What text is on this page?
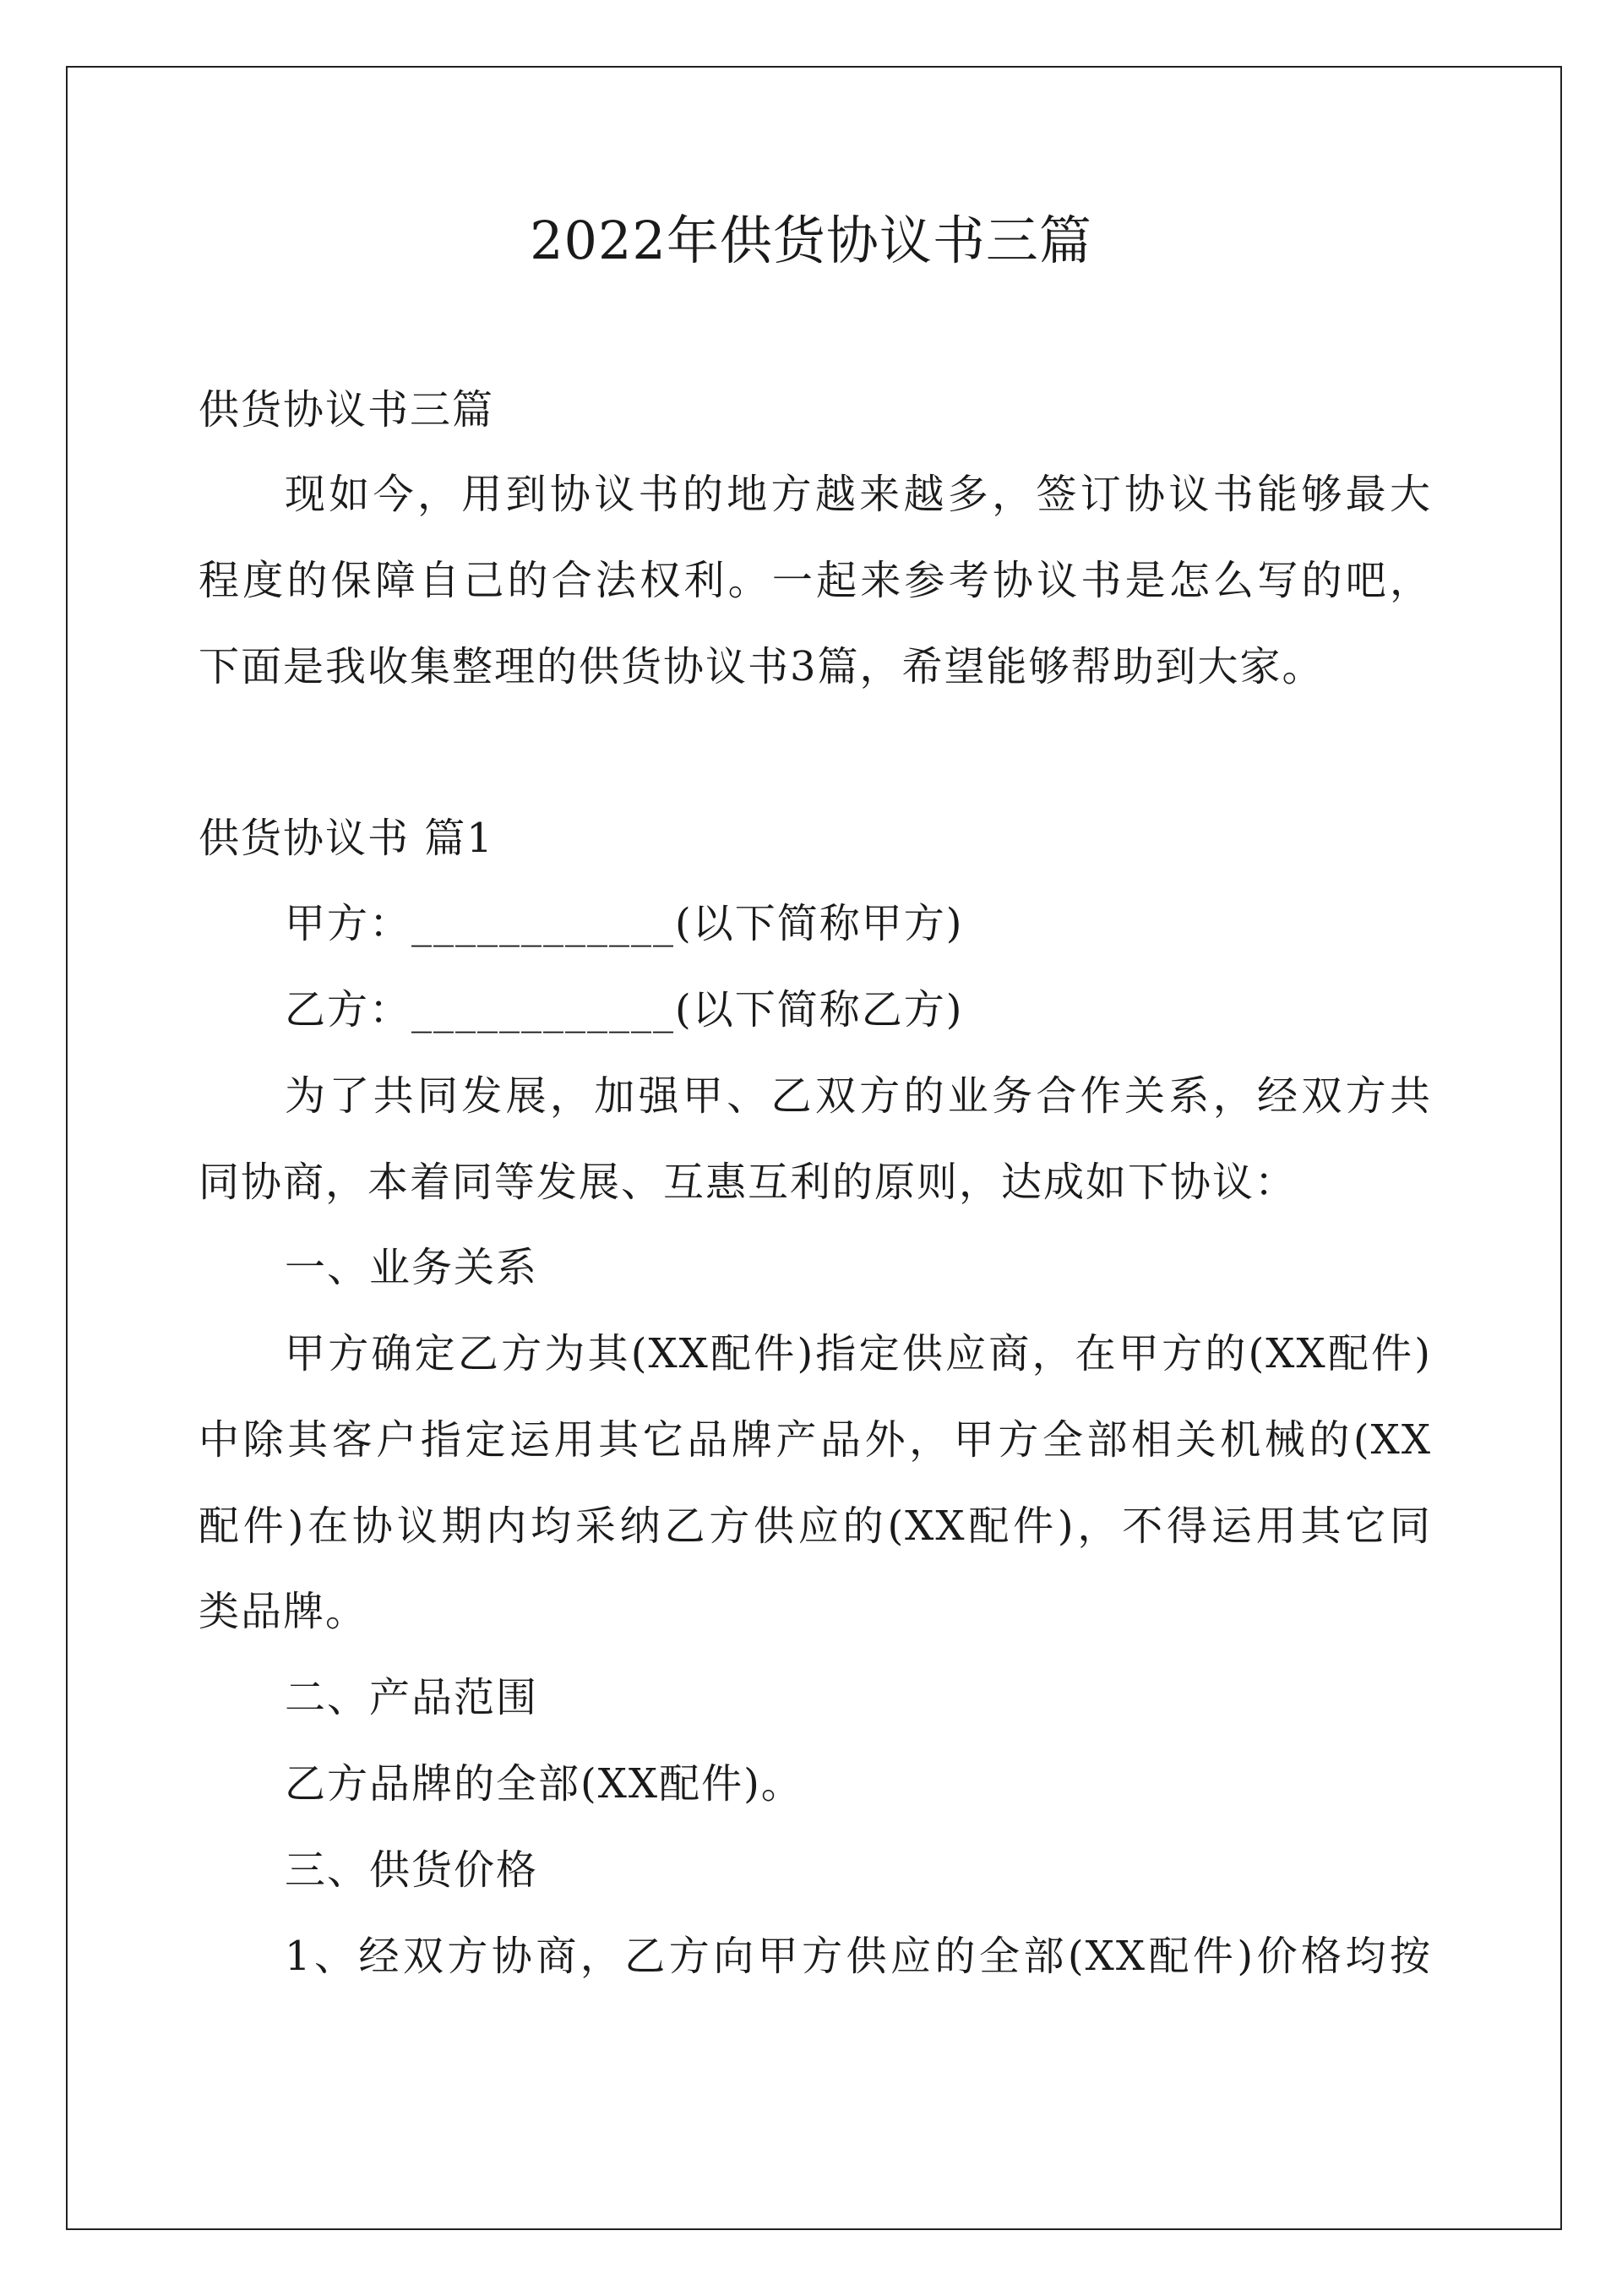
2022年供货协议书三篇

供货协议书三篇

现如今，用到协议书的地方越来越多，签订协议书能够最大

程度的保障自己的合法权利。一起来参考协议书是怎么写的吧，

下面是我收集整理的供货协议书3篇，希望能够帮助到大家。

供货协议书 篇1

甲方：____________(以下简称甲方)

乙方：____________(以下简称乙方)

为了共同发展，加强甲、乙双方的业务合作关系，经双方共

同协商，本着同等发展、互惠互利的原则，达成如下协议：

一、业务关系

甲方确定乙方为其(XX配件)指定供应商，在甲方的(XX配件)

中除其客户指定运用其它品牌产品外，甲方全部相关机械的(XX

配件)在协议期内均采纳乙方供应的(XX配件)，不得运用其它同

类品牌。

二、产品范围

乙方品牌的全部(XX配件)。

三、供货价格

1、经双方协商，乙方向甲方供应的全部(XX配件)价格均按
